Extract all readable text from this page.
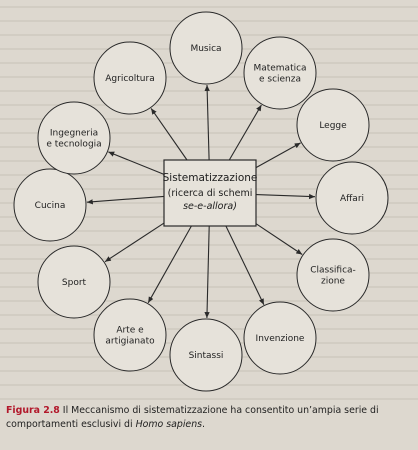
Musica
Matematica
e scienza
Legge
Affari
Classifica-
zione
Invenzione
Sintassi
Arte e
artigianato
Sport
Cucina
Ingegneria
e tecnologia
Agricoltura
Sistematizzazione
(ricerca di schemi
se-e-allora)
Figura 2.8 Il Meccanismo di sistematizzazione ha consentito un’ampia serie di comportamenti esclusivi di Homo sapiens.
